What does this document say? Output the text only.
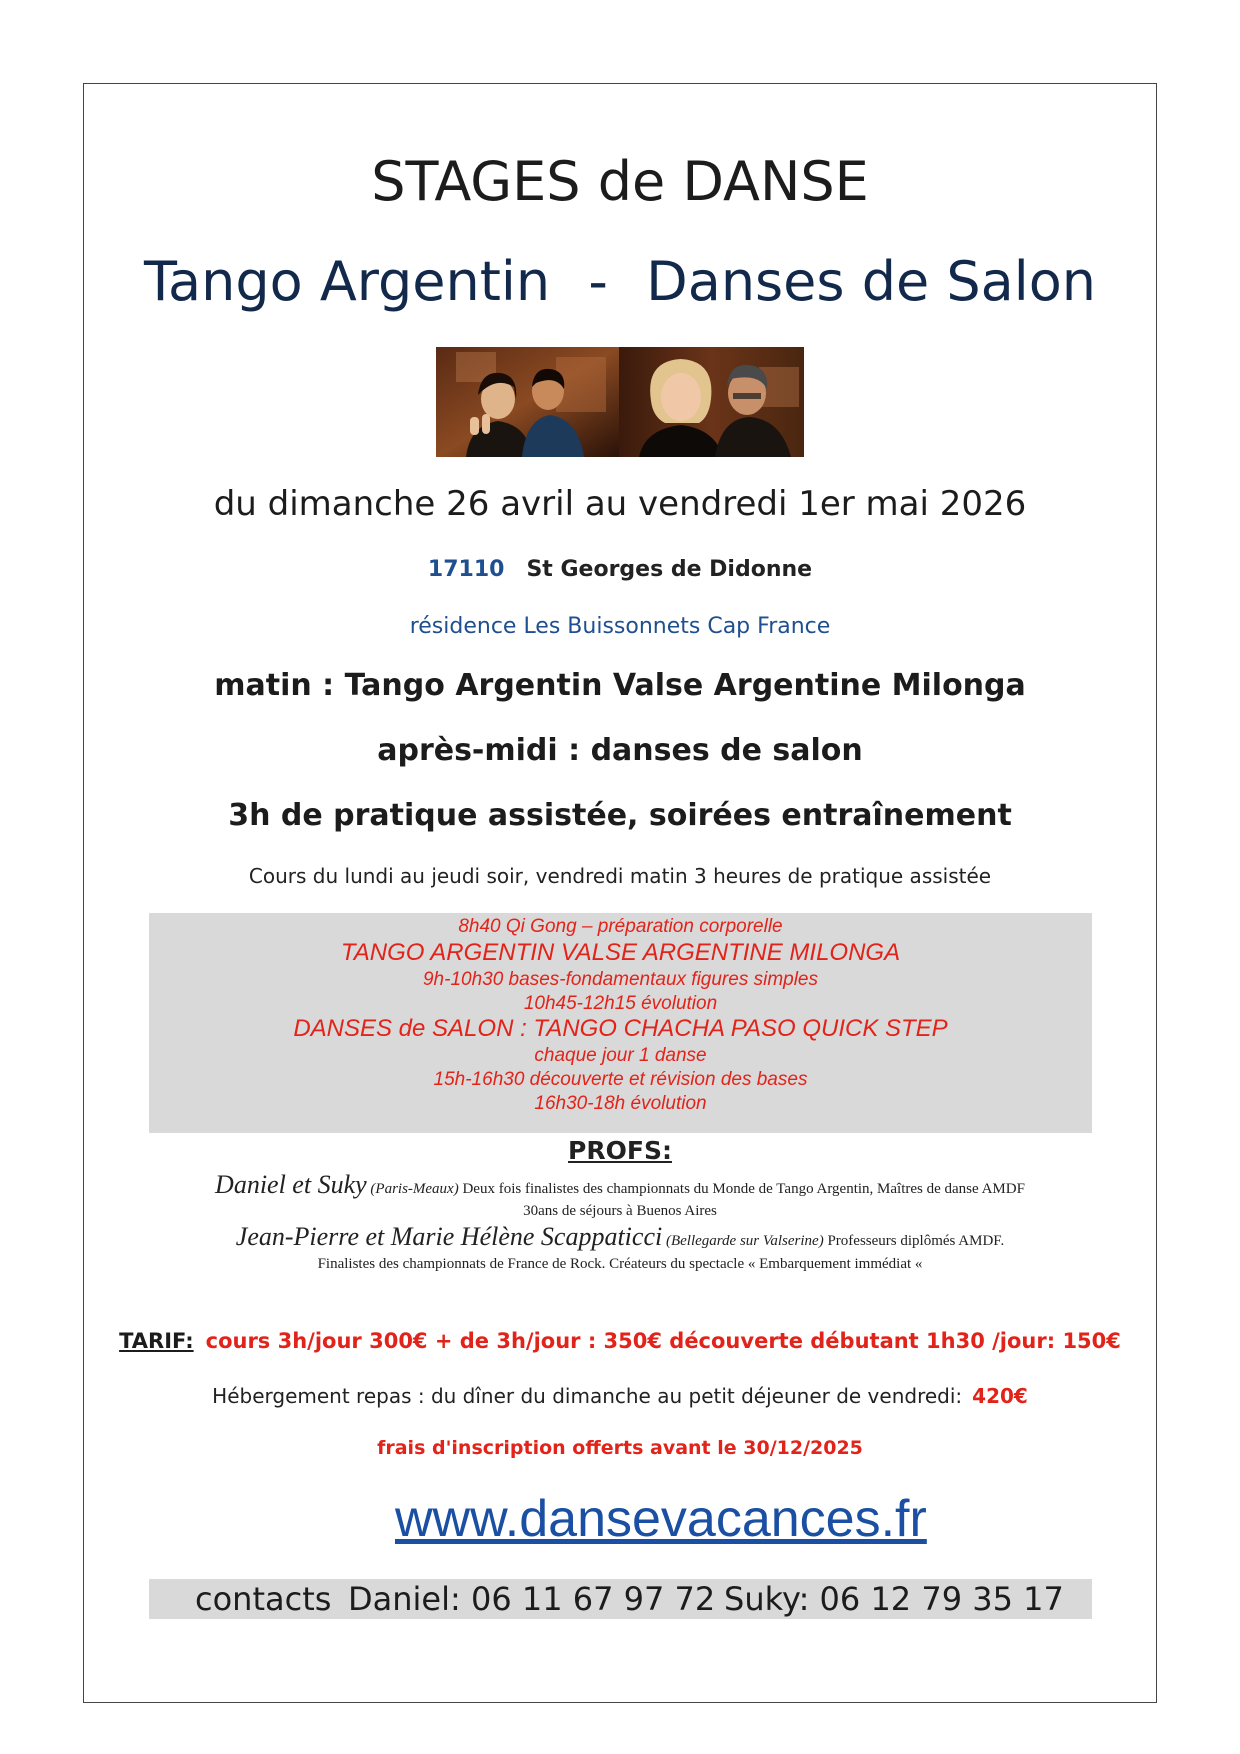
STAGES de DANSE
Tango Argentin - Danses de Salon
du dimanche 26 avril au vendredi 1er mai 2026
17110 St Georges de Didonne
résidence Les Buissonnets Cap France
matin : Tango Argentin Valse Argentine Milonga
après-midi : danses de salon
3h de pratique assistée, soirées entraînement
Cours du lundi au jeudi soir, vendredi matin 3 heures de pratique assistée
8h40 Qi Gong – préparation corporelle
TANGO ARGENTIN VALSE ARGENTINE MILONGA
9h-10h30 bases-fondamentaux figures simples
10h45-12h15 évolution
DANSES de SALON : TANGO CHACHA PASO QUICK STEP
chaque jour 1 danse
15h-16h30 découverte et révision des bases
16h30-18h évolution
PROFS:
Daniel et Suky (Paris-Meaux) Deux fois finalistes des championnats du Monde de Tango Argentin, Maîtres de danse AMDF
30ans de séjours à Buenos Aires
Jean-Pierre et Marie Hélène Scappaticci (Bellegarde sur Valserine) Professeurs diplômés AMDF.
Finalistes des championnats de France de Rock. Créateurs du spectacle « Embarquement immédiat «
TARIF: cours 3h/jour 300€ + de 3h/jour : 350€ découverte débutant 1h30 /jour: 150€
Hébergement repas : du dîner du dimanche au petit déjeuner de vendredi: 420€
frais d'inscription offerts avant le 30/12/2025
www.dansevacances.fr
contacts Daniel: 06 11 67 97 72 Suky: 06 12 79 35 17
